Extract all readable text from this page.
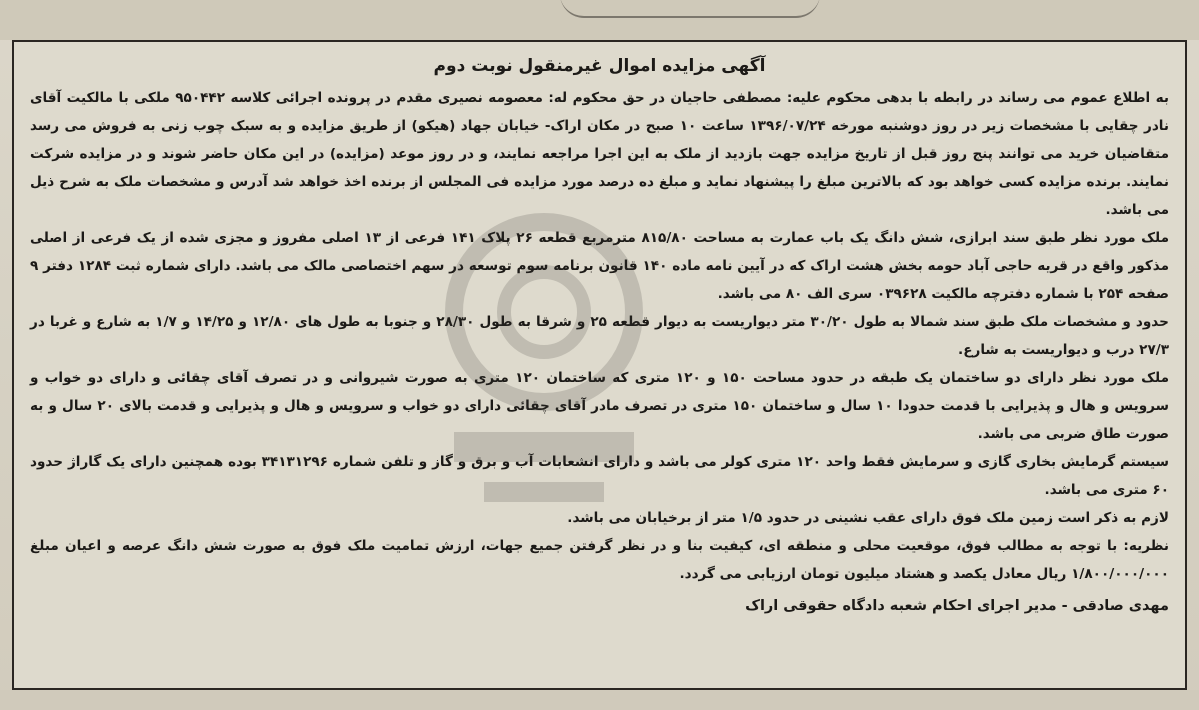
آگهی مزایده اموال غیرمنقول نوبت دوم

به اطلاع عموم می رساند در رابطه با بدهی محکوم علیه: مصطفی حاجیان در حق محکوم له: معصومه نصیری مقدم در پرونده اجرائی کلاسه ۹۵۰۴۴۲ ملکی با مالکیت آقای نادر چقایی با مشخصات زیر در روز دوشنبه مورخه ۱۳۹۶/۰۷/۲۴ ساعت ۱۰ صبح در مکان اراک- خیابان جهاد (هیکو) از طریق مزایده و به سبک چوب زنی به فروش می رسد متقاضیان خرید می توانند پنج روز قبل از تاریخ مزایده جهت بازدید از ملک به این اجرا مراجعه نمایند، و در روز موعد (مزایده) در این مکان حاضر شوند و در مزایده شرکت نمایند. برنده مزایده کسی خواهد بود که بالاترین مبلغ را پیشنهاد نماید و مبلغ ده درصد مورد مزایده فی المجلس از برنده اخذ خواهد شد آدرس و مشخصات ملک به شرح ذیل می باشد.

ملک مورد نظر طبق سند ابرازی، شش دانگ یک باب عمارت به مساحت ۸۱۵/۸۰ مترمربع قطعه ۲۶ پلاک ۱۴۱ فرعی از ۱۳ اصلی مفروز و مجزی شده از یک فرعی از اصلی مذکور واقع در قریه حاجی آباد حومه بخش هشت اراک که در آیین نامه ماده ۱۴۰ قانون برنامه سوم توسعه در سهم اختصاصی مالک می باشد. دارای شماره ثبت ۱۲۸۴ دفتر ۹ صفحه ۲۵۴ با شماره دفترچه مالکیت ۰۳۹۶۲۸ سری الف ۸۰ می باشد.

حدود و مشخصات ملک طبق سند شمالا به طول ۳۰/۲۰ متر دیواریست به دیوار قطعه ۲۵ و شرقا به طول ۲۸/۳۰ و جنوبا به طول های ۱۲/۸۰ و ۱۴/۲۵ و ۱/۷ به شارع و غربا در ۲۷/۳ درب و دیواریست به شارع.

ملک مورد نظر دارای دو ساختمان یک طبقه در حدود مساحت ۱۵۰ و ۱۲۰ متری که ساختمان ۱۲۰ متری به صورت شیروانی و در تصرف آقای چقائی و دارای دو خواب و سرویس و هال و پذیرایی با قدمت حدودا ۱۰ سال و ساختمان ۱۵۰ متری در تصرف مادر آقای چقائی دارای دو خواب و سرویس و هال و پذیرایی و قدمت بالای ۲۰ سال و به صورت طاق ضربی می باشد.

سیستم گرمایش بخاری گازی و سرمایش فقط واحد ۱۲۰ متری کولر می باشد و دارای انشعابات آب و برق و گاز و تلفن شماره ۳۴۱۳۱۲۹۶ بوده همچنین دارای یک گاراژ حدود ۶۰ متری می باشد.

لازم به ذکر است زمین ملک فوق دارای عقب نشینی در حدود ۱/۵ متر از برخیابان می باشد.

نظریه: با توجه به مطالب فوق، موقعیت محلی و منطقه ای، کیفیت بنا و در نظر گرفتن جمیع جهات، ارزش تمامیت ملک فوق به صورت شش دانگ عرصه و اعیان مبلغ ۱/۸۰۰/۰۰۰/۰۰۰ ریال معادل یکصد و هشتاد میلیون تومان ارزیابی می گردد.

مهدی صادقی - مدیر اجرای احکام شعبه دادگاه حقوقی اراک
